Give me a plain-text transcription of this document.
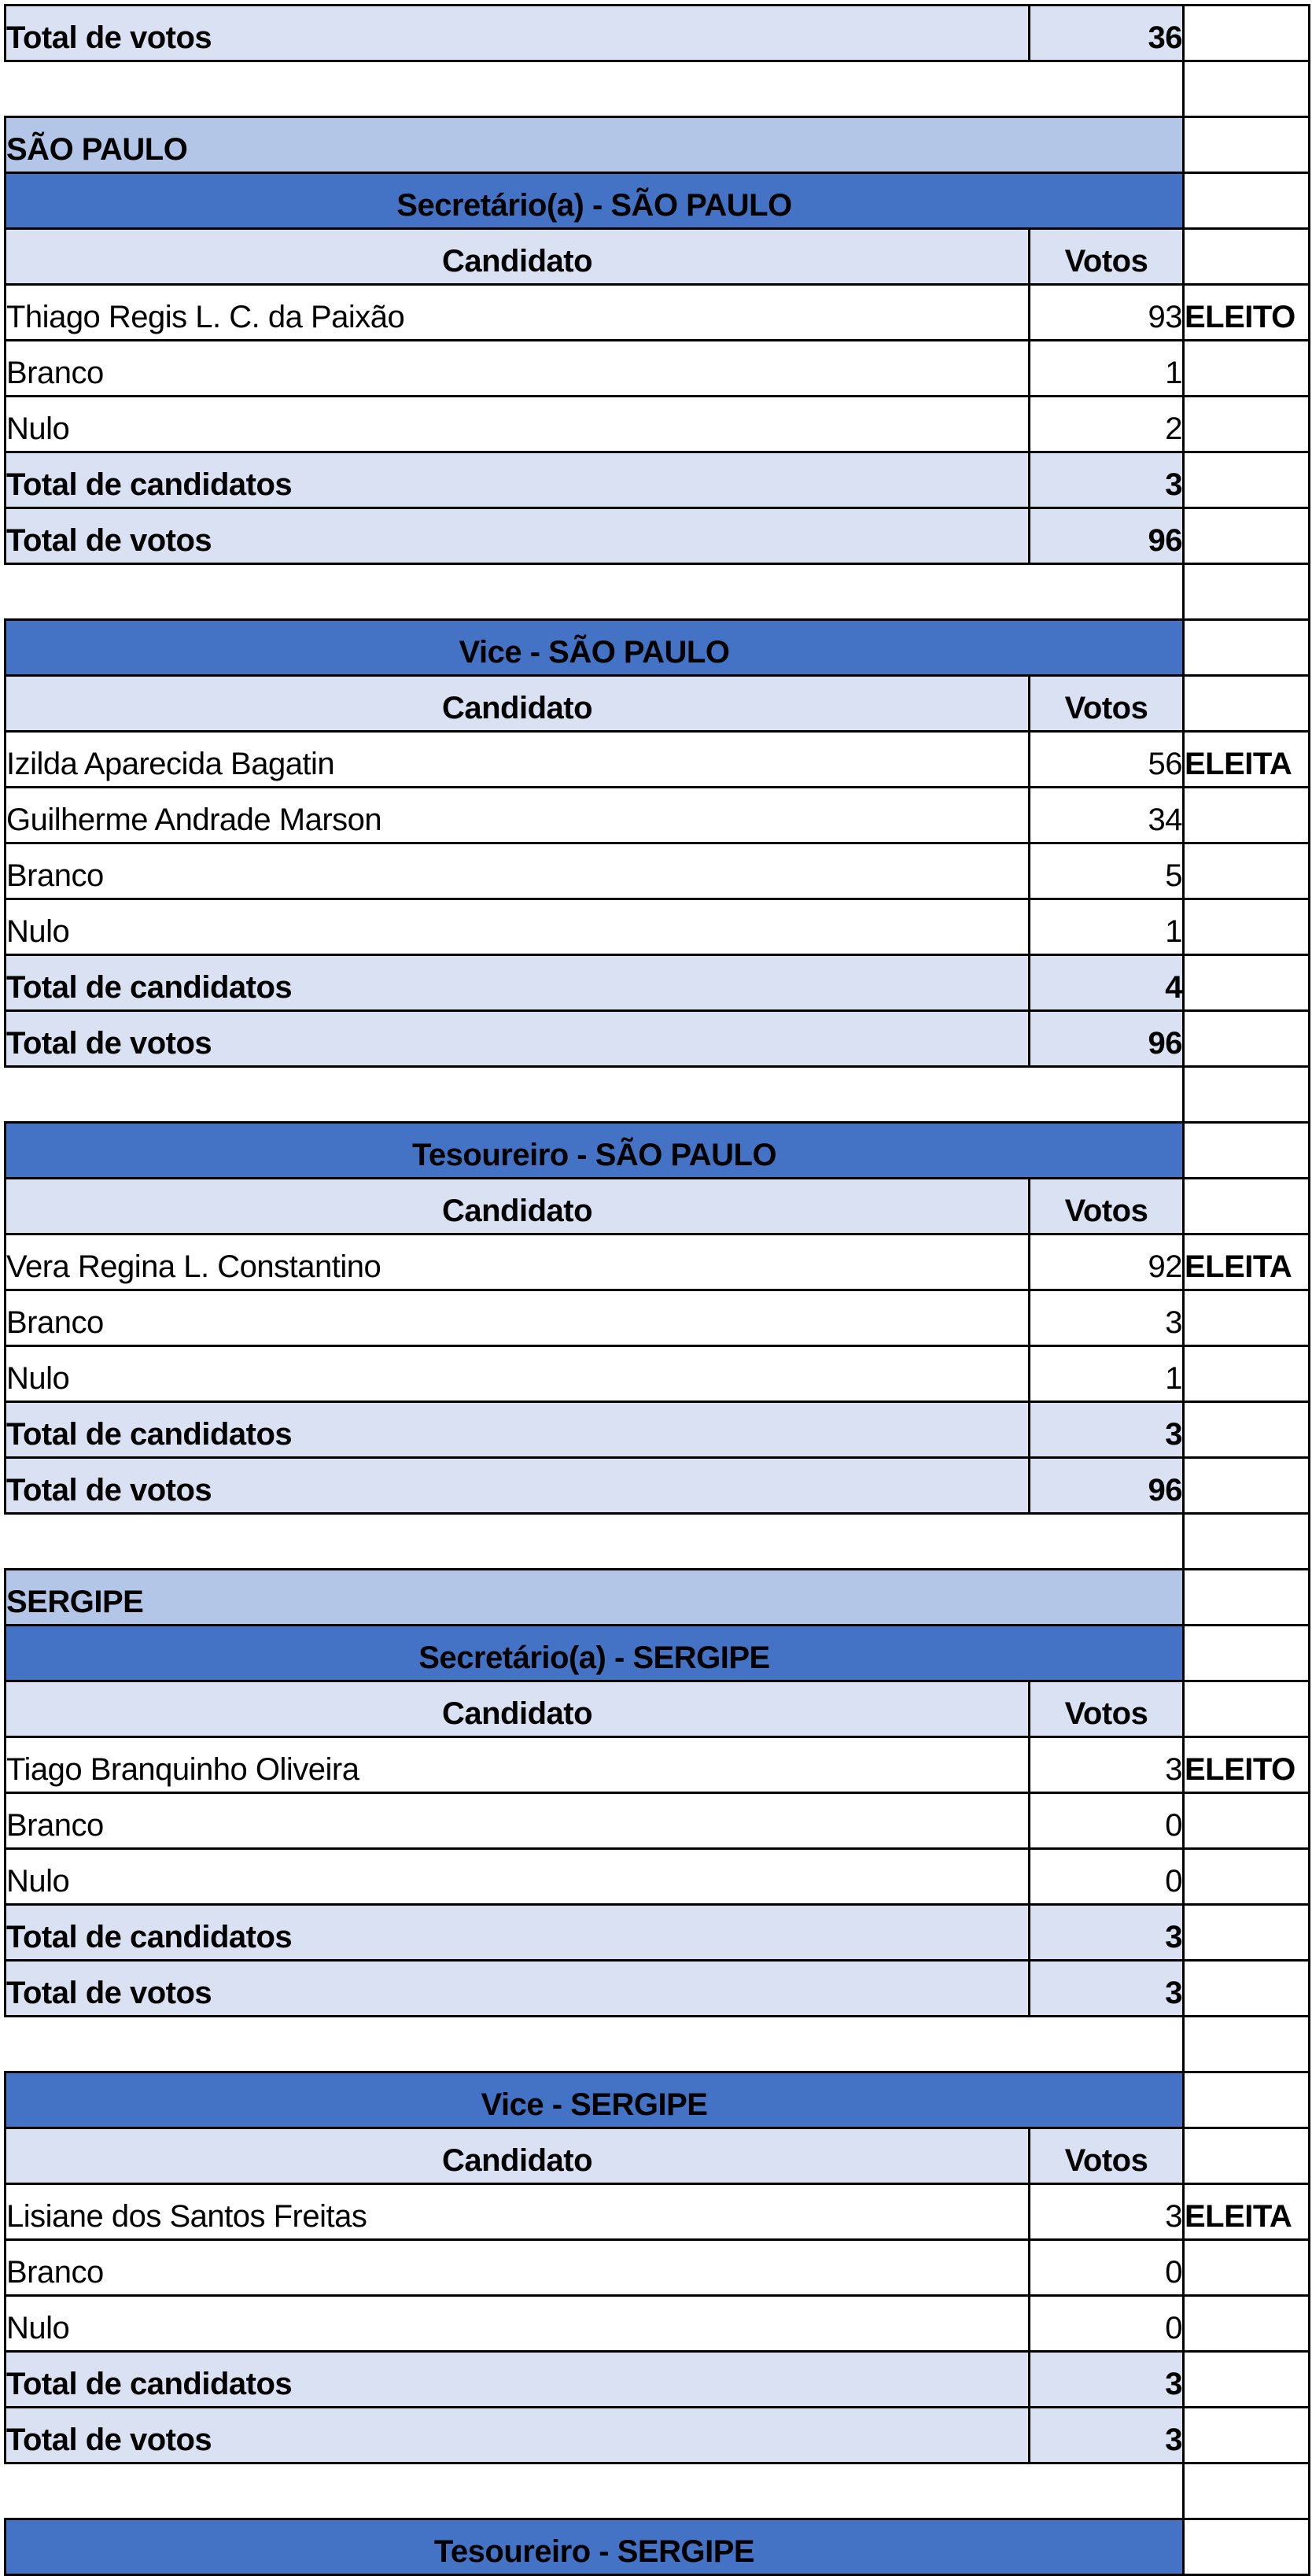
Total de votos	36	

SÃO PAULO		
Secretário(a) - SÃO PAULO		
Candidato	Votos	
Thiago Regis L. C. da Paixão	93	ELEITO
Branco	1	
Nulo	2	
Total de candidatos	3	
Total de votos	96	

Vice - SÃO PAULO		
Candidato	Votos	
Izilda Aparecida Bagatin	56	ELEITA
Guilherme Andrade Marson	34	
Branco	5	
Nulo	1	
Total de candidatos	4	
Total de votos	96	

Tesoureiro - SÃO PAULO		
Candidato	Votos	
Vera Regina L. Constantino	92	ELEITA
Branco	3	
Nulo	1	
Total de candidatos	3	
Total de votos	96	

SERGIPE		
Secretário(a) - SERGIPE		
Candidato	Votos	
Tiago Branquinho Oliveira	3	ELEITO
Branco	0	
Nulo	0	
Total de candidatos	3	
Total de votos	3	

Vice - SERGIPE		
Candidato	Votos	
Lisiane dos Santos Freitas	3	ELEITA
Branco	0	
Nulo	0	
Total de candidatos	3	
Total de votos	3	

Tesoureiro - SERGIPE		
